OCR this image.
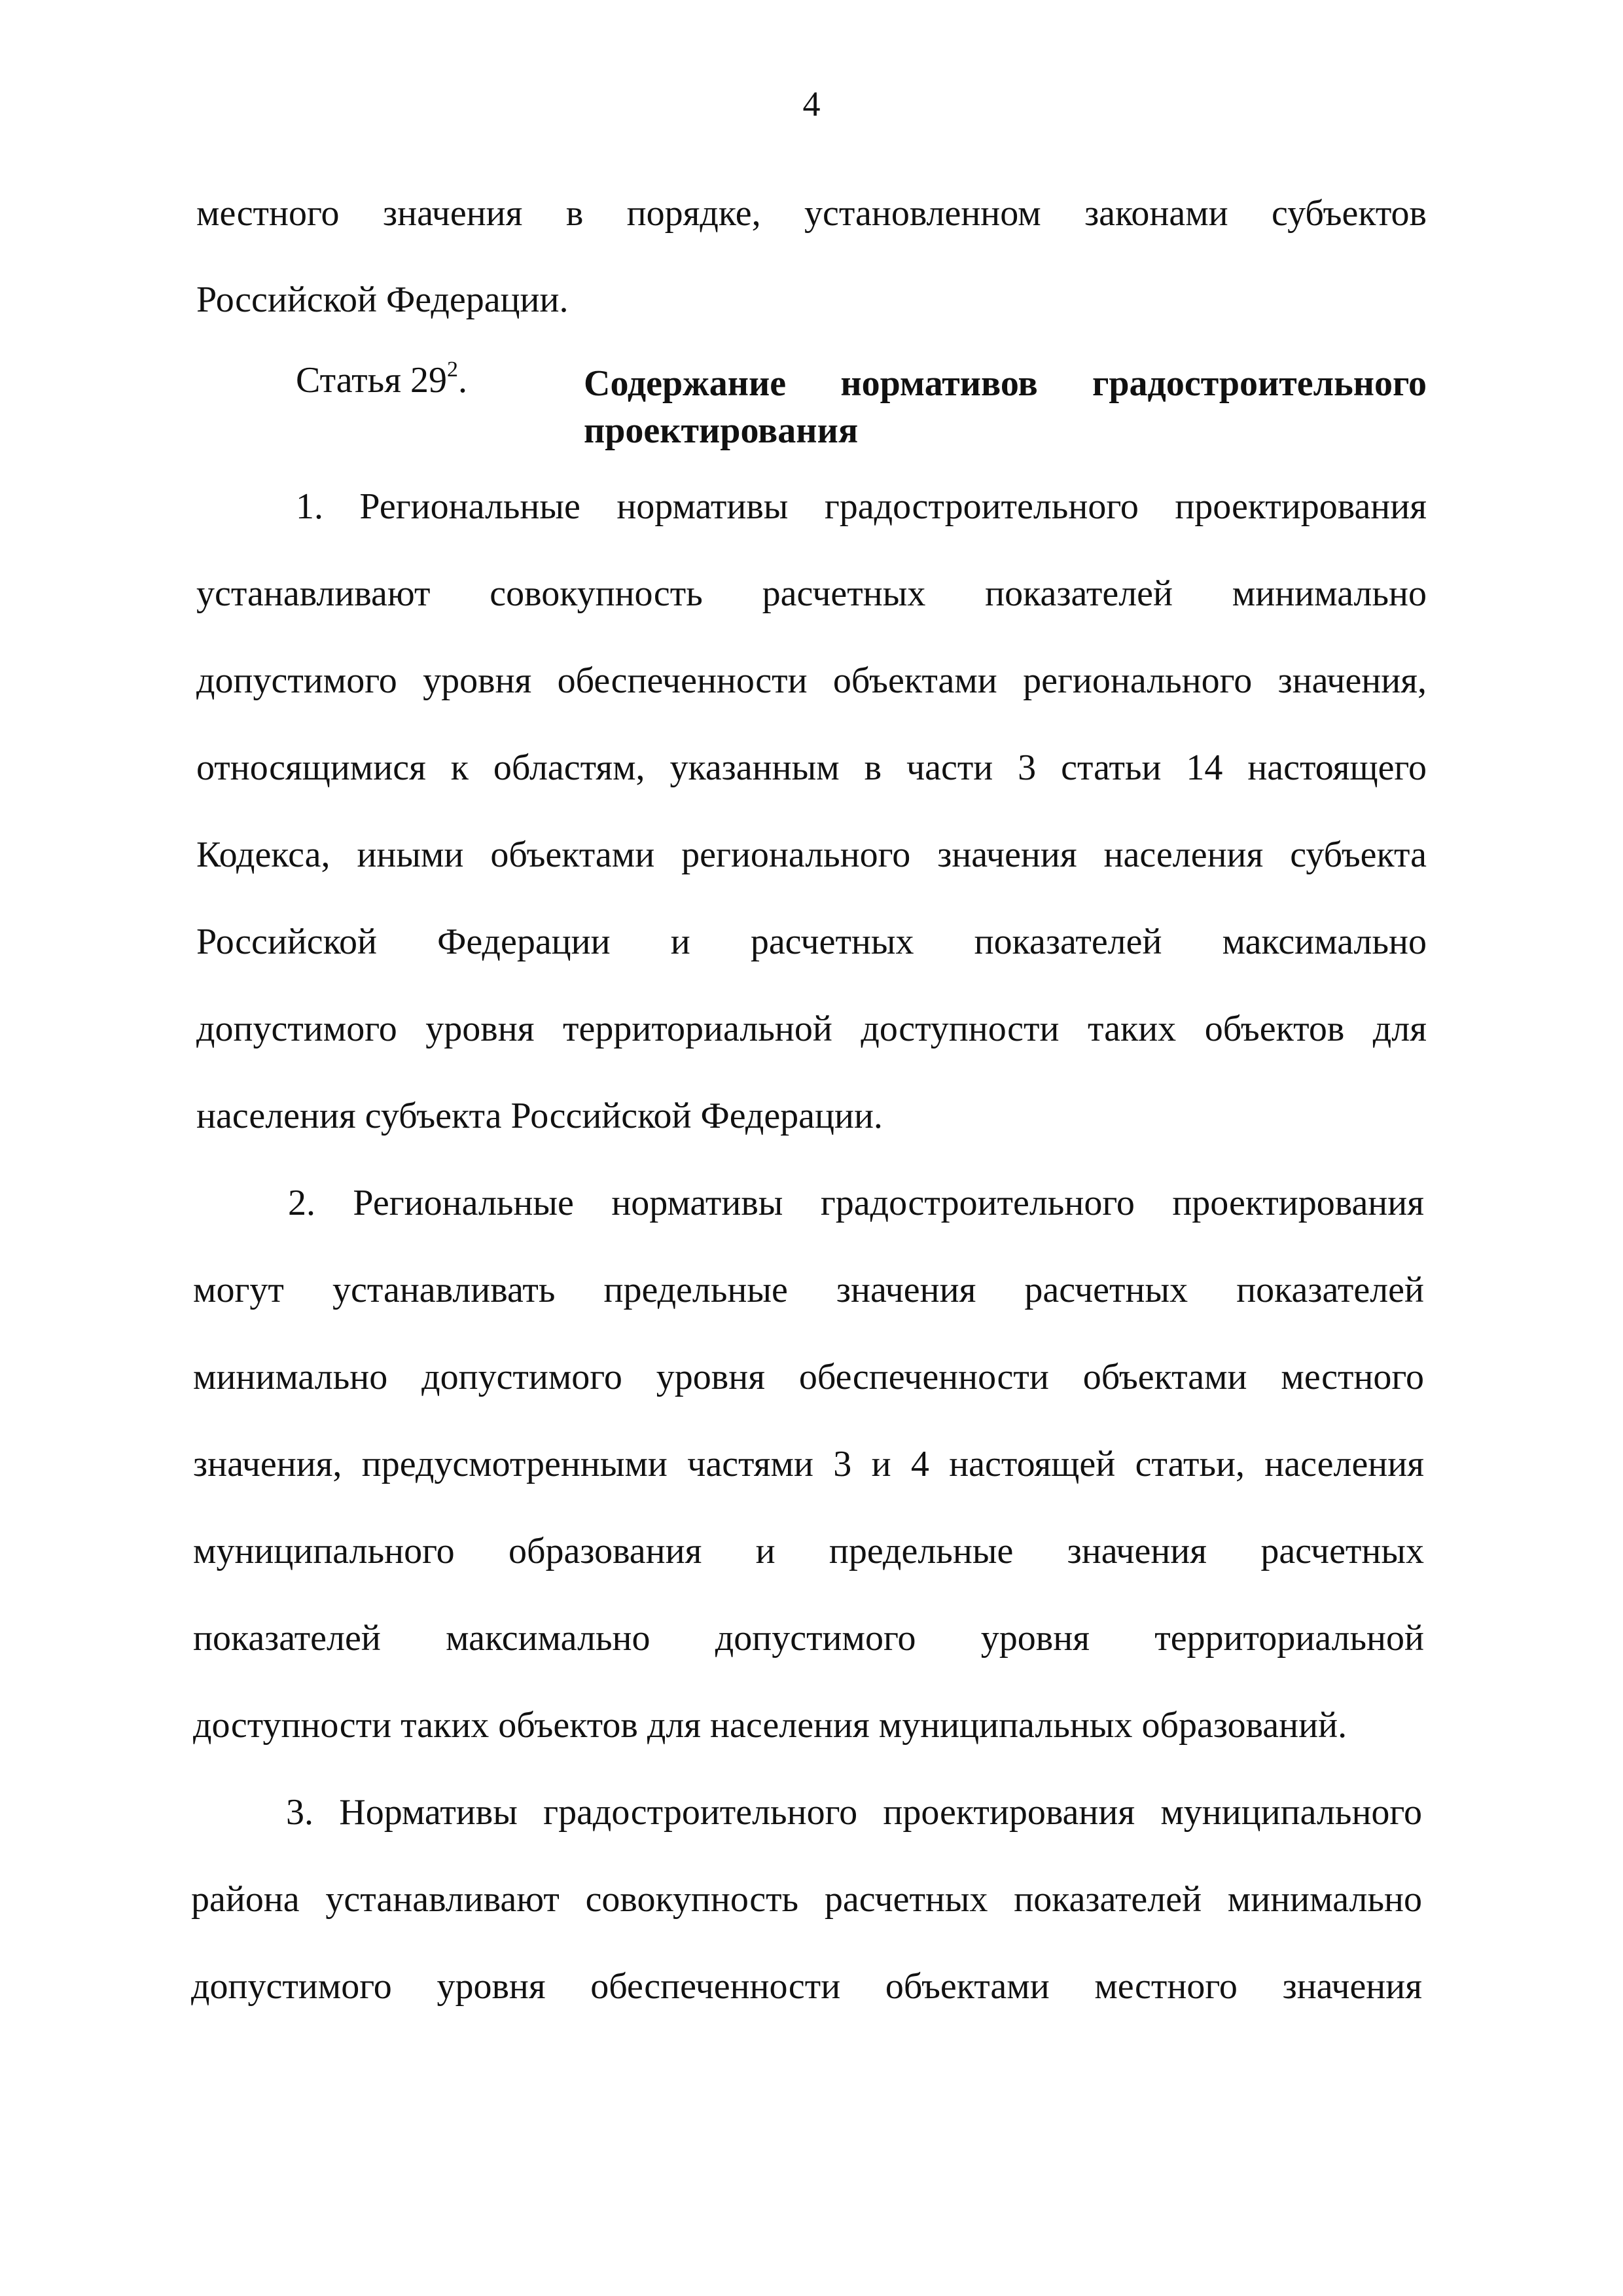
4
местного значения в порядке, установленном законами субъектов
Российской Федерации.
Статья $29^2$.	Содержание нормативов градостроительного
проектирования
1. Региональные нормативы градостроительного проектирования
устанавливают совокупность расчетных показателей минимально
допустимого уровня обеспеченности объектами регионального значения,
относящимися к областям, указанным в части 3 статьи 14 настоящего
Кодекса, иными объектами регионального значения населения субъекта
Российской Федерации и расчетных показателей максимально
допустимого уровня территориальной доступности таких объектов для
населения субъекта Российской Федерации.
2. Региональные нормативы градостроительного проектирования
могут устанавливать предельные значения расчетных показателей
минимально допустимого уровня обеспеченности объектами местного
значения, предусмотренными частями 3 и 4 настоящей статьи, населения
муниципального образования и предельные значения расчетных
показателей максимально допустимого уровня территориальной
доступности таких объектов для населения муниципальных образований.
3. Нормативы градостроительного проектирования муниципального
района устанавливают совокупность расчетных показателей минимально
допустимого уровня обеспеченности объектами местного значения
